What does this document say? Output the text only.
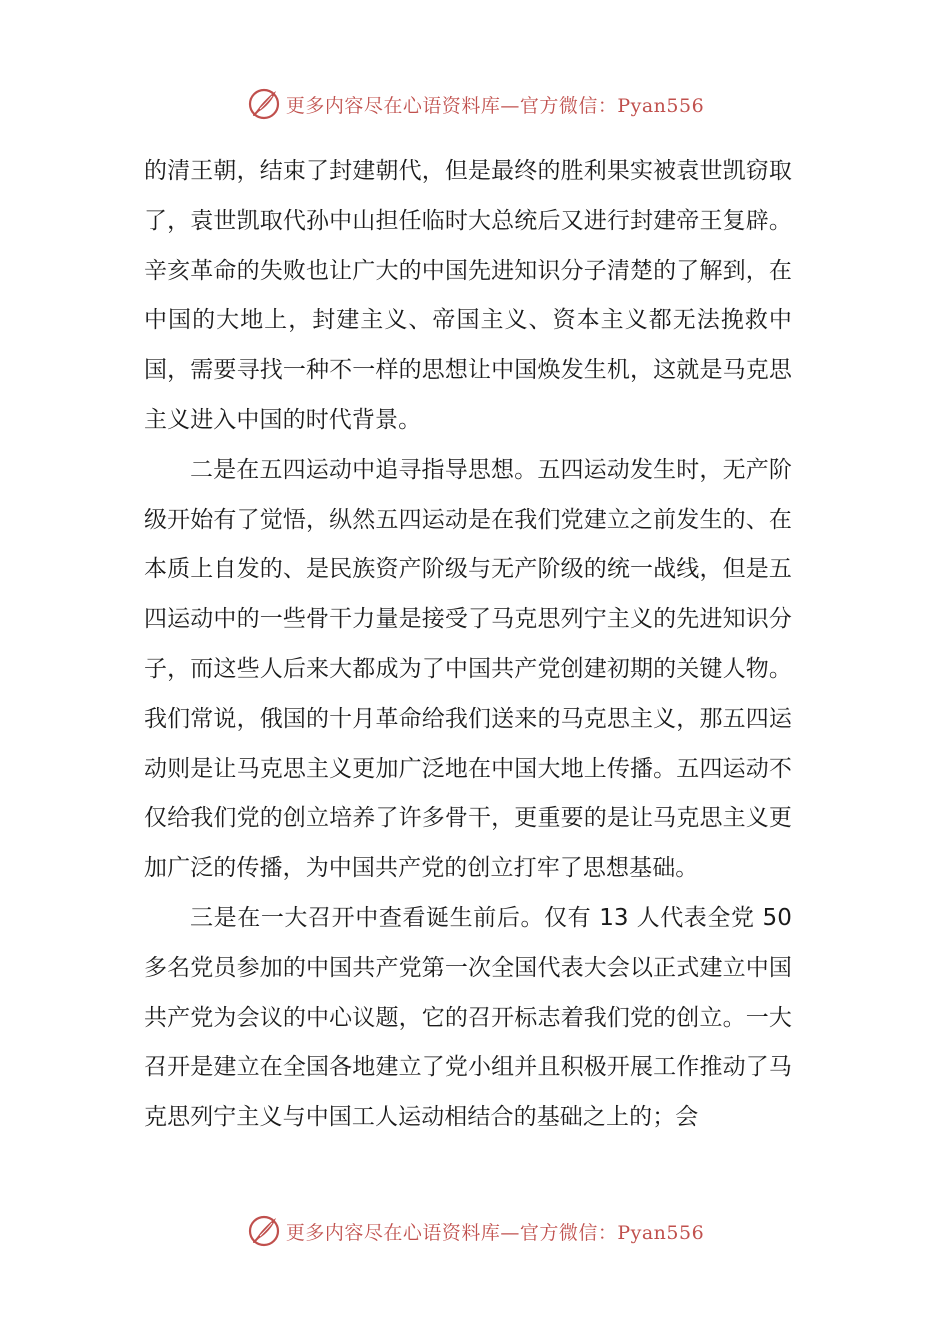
更多内容尽在心语资料库—官方微信：Pyan556

的清王朝，结束了封建朝代，但是最终的胜利果实被袁世凯窃取了，袁世凯取代孙中山担任临时大总统后又进行封建帝王复辟。辛亥革命的失败也让广大的中国先进知识分子清楚的了解到，在中国的大地上，封建主义、帝国主义、资本主义都无法挽救中国，需要寻找一种不一样的思想让中国焕发生机，这就是马克思主义进入中国的时代背景。

二是在五四运动中追寻指导思想。五四运动发生时，无产阶级开始有了觉悟，纵然五四运动是在我们党建立之前发生的、在本质上自发的、是民族资产阶级与无产阶级的统一战线，但是五四运动中的一些骨干力量是接受了马克思列宁主义的先进知识分子，而这些人后来大都成为了中国共产党创建初期的关键人物。我们常说，俄国的十月革命给我们送来的马克思主义，那五四运动则是让马克思主义更加广泛地在中国大地上传播。五四运动不仅给我们党的创立培养了许多骨干，更重要的是让马克思主义更加广泛的传播，为中国共产党的创立打牢了思想基础。

三是在一大召开中查看诞生前后。仅有 13 人代表全党 50 多名党员参加的中国共产党第一次全国代表大会以正式建立中国共产党为会议的中心议题，它的召开标志着我们党的创立。一大召开是建立在全国各地建立了党小组并且积极开展工作推动了马克思列宁主义与中国工人运动相结合的基础之上的；会

更多内容尽在心语资料库—官方微信：Pyan556
